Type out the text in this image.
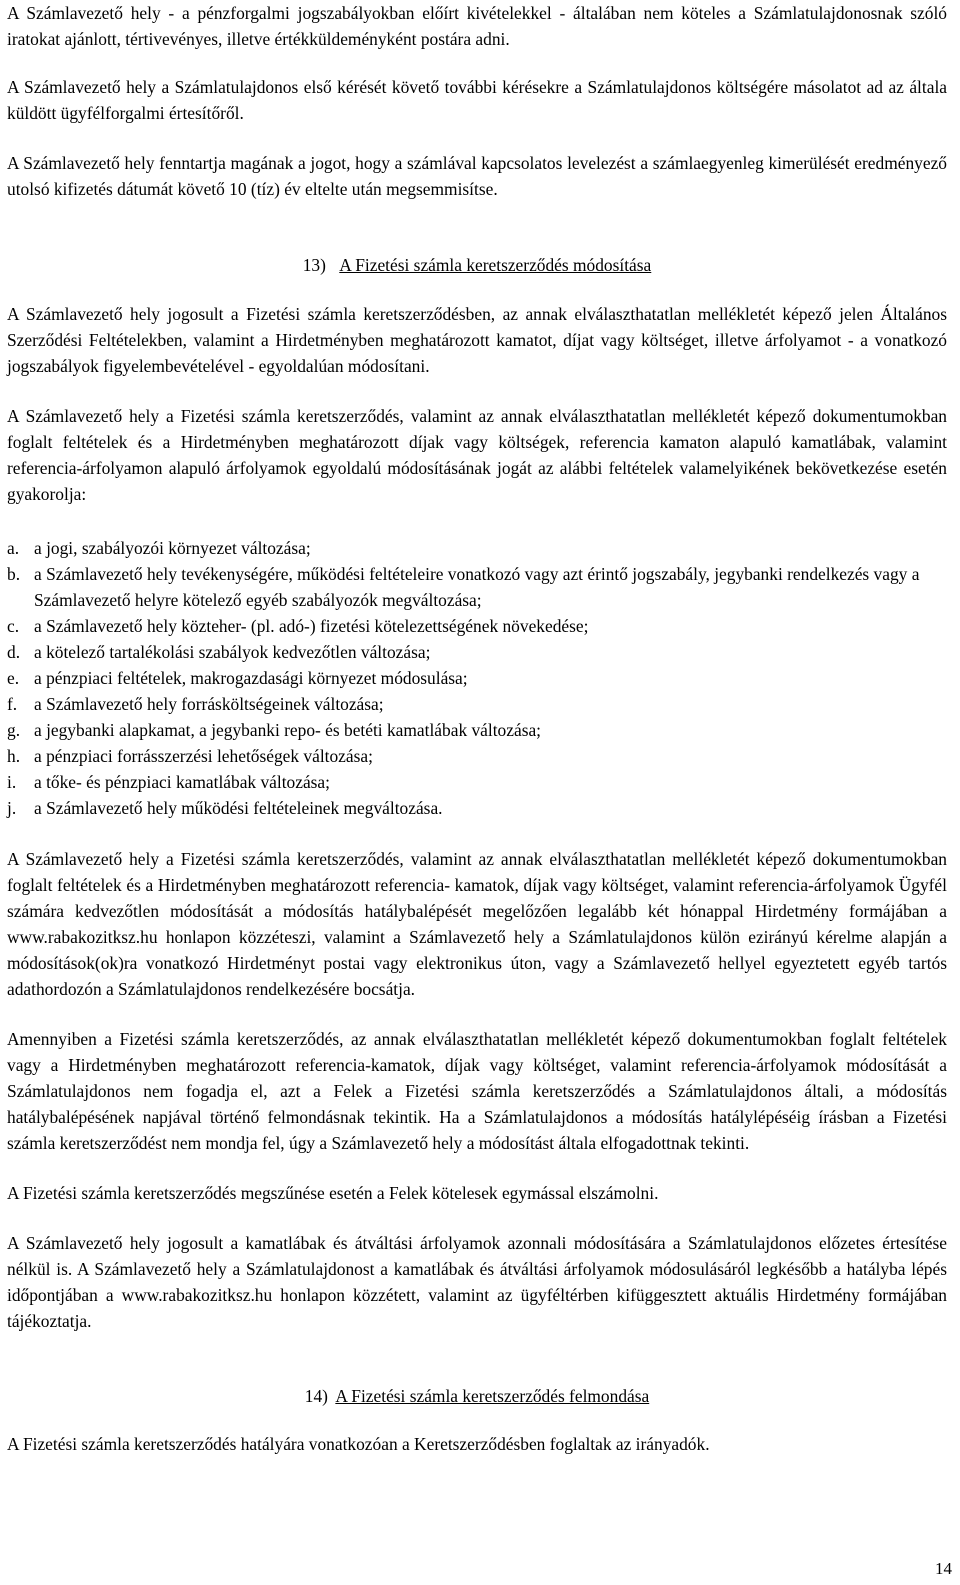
A Számlavezető hely - a pénzforgalmi jogszabályokban előírt kivételekkel - általában nem köteles a Számlatulajdonosnak szóló iratokat ajánlott, tértivevényes, illetve értékküldeményként postára adni.

A Számlavezető hely a Számlatulajdonos első kérését követő további kérésekre a Számlatulajdonos költségére másolatot ad az általa küldött ügyfélforgalmi értesítőről.

A Számlavezető hely fenntartja magának a jogot, hogy a számlával kapcsolatos levelezést a számlaegyenleg kimerülését eredményező utolsó kifizetés dátumát követő 10 (tíz) év eltelte után megsemmisítse.

13) A Fizetési számla keretszerződés módosítása

A Számlavezető hely jogosult a Fizetési számla keretszerződésben, az annak elválaszthatatlan mellékletét képező jelen Általános Szerződési Feltételekben, valamint a Hirdetményben meghatározott kamatot, díjat vagy költséget, illetve árfolyamot - a vonatkozó jogszabályok figyelembevételével - egyoldalúan módosítani.

A Számlavezető hely a Fizetési számla keretszerződés, valamint az annak elválaszthatatlan mellékletét képező dokumentumokban foglalt feltételek és a Hirdetményben meghatározott díjak vagy költségek, referencia kamaton alapuló kamatlábak, valamint referencia-árfolyamon alapuló árfolyamok egyoldalú módosításának jogát az alábbi feltételek valamelyikének bekövetkezése esetén gyakorolja:

a. a jogi, szabályozói környezet változása;
b. a Számlavezető hely tevékenységére, működési feltételeire vonatkozó vagy azt érintő jogszabály, jegybanki rendelkezés vagy a Számlavezető helyre kötelező egyéb szabályozók megváltozása;
c. a Számlavezető hely közteher- (pl. adó-) fizetési kötelezettségének növekedése;
d. a kötelező tartalékolási szabályok kedvezőtlen változása;
e. a pénzpiaci feltételek, makrogazdasági környezet módosulása;
f. a Számlavezető hely forrásköltségeinek változása;
g. a jegybanki alapkamat, a jegybanki repo- és betéti kamatlábak változása;
h. a pénzpiaci forrásszerzési lehetőségek változása;
i. a tőke- és pénzpiaci kamatlábak változása;
j. a Számlavezető hely működési feltételeinek megváltozása.

A Számlavezető hely a Fizetési számla keretszerződés, valamint az annak elválaszthatatlan mellékletét képező dokumentumokban foglalt feltételek és a Hirdetményben meghatározott referencia- kamatok, díjak vagy költséget, valamint referencia-árfolyamok Ügyfél számára kedvezőtlen módosítását a módosítás hatálybalépését megelőzően legalább két hónappal Hirdetmény formájában a www.rabakozitksz.hu honlapon közzéteszi, valamint a Számlavezető hely a Számlatulajdonos külön ezirányú kérelme alapján a módosítások(ok)ra vonatkozó Hirdetményt postai vagy elektronikus úton, vagy a Számlavezető hellyel egyeztetett egyéb tartós adathordozón a Számlatulajdonos rendelkezésére bocsátja.

Amennyiben a Fizetési számla keretszerződés, az annak elválaszthatatlan mellékletét képező dokumentumokban foglalt feltételek vagy a Hirdetményben meghatározott referencia-kamatok, díjak vagy költséget, valamint referencia-árfolyamok módosítását a Számlatulajdonos nem fogadja el, azt a Felek a Fizetési számla keretszerződés a Számlatulajdonos általi, a módosítás hatálybalépésének napjával történő felmondásnak tekintik. Ha a Számlatulajdonos a módosítás hatálylépéséig írásban a Fizetési számla keretszerződést nem mondja fel, úgy a Számlavezető hely a módosítást általa elfogadottnak tekinti.

A Fizetési számla keretszerződés megszűnése esetén a Felek kötelesek egymással elszámolni.

A Számlavezető hely jogosult a kamatlábak és átváltási árfolyamok azonnali módosítására a Számlatulajdonos előzetes értesítése nélkül is. A Számlavezető hely a Számlatulajdonost a kamatlábak és átváltási árfolyamok módosulásáról legkésőbb a hatályba lépés időpontjában a www.rabakozitksz.hu honlapon közzétett, valamint az ügyféltérben kifüggesztett aktuális Hirdetmény formájában tájékoztatja.

14) A Fizetési számla keretszerződés felmondása

A Fizetési számla keretszerződés hatályára vonatkozóan a Keretszerződésben foglaltak az irányadók.

14
